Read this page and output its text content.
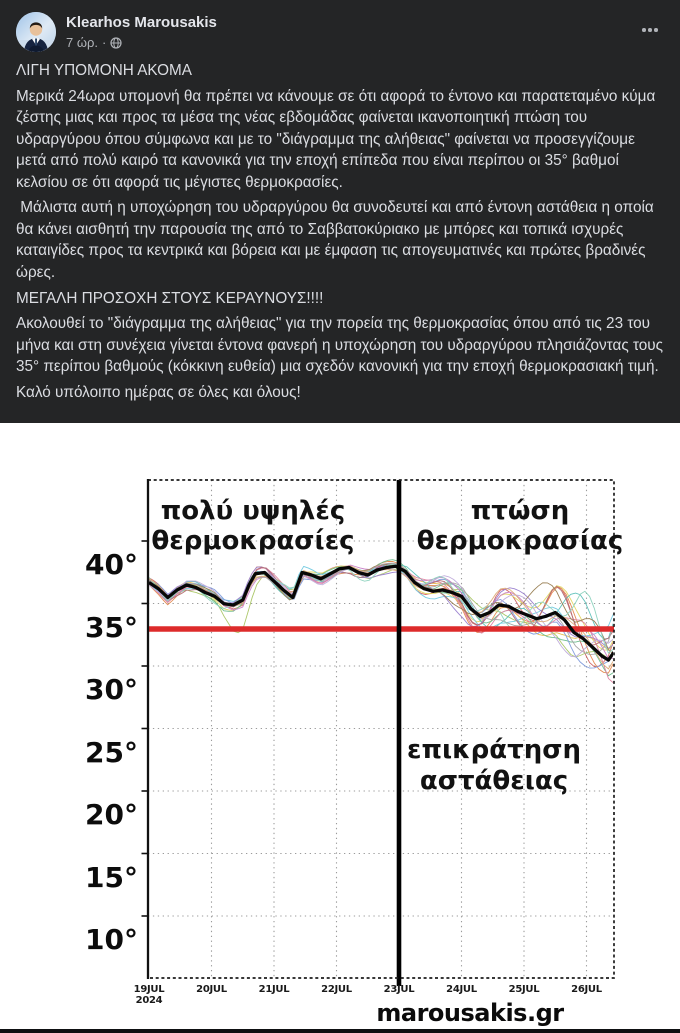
Klearhos Marousakis
7 ώρ. ·

ΛΙΓΗ ΥΠΟΜΟΝΗ ΑΚΟΜΑ

Μερικά 24ωρα υπομονή θα πρέπει να κάνουμε σε ότι αφορά το έντονο και παρατεταμένο κύμα ζέστης μιας και προς τα μέσα της νέας εβδομάδας φαίνεται ικανοποιητική πτώση του υδραργύρου όπου σύμφωνα και με το "διάγραμμα της αλήθειας" φαίνεται να προσεγγίζουμε μετά από πολύ καιρό τα κανονικά για την εποχή επίπεδα που είναι περίπου οι 35° βαθμοί κελσίου σε ότι αφορά τις μέγιστες θερμοκρασίες.

Μάλιστα αυτή η υποχώρηση του υδραργύρου θα συνοδευτεί και από έντονη αστάθεια η οποία θα κάνει αισθητή την παρουσία της από το Σαββατοκύριακο με μπόρες και τοπικά ισχυρές καταιγίδες προς τα κεντρικά και βόρεια και με έμφαση τις απογευματινές και πρώτες βραδινές ώρες.

ΜΕΓΑΛΗ ΠΡΟΣΟΧΗ ΣΤΟΥΣ ΚΕΡΑΥΝΟΥΣ!!!!

Ακολουθεί το "διάγραμμα της αλήθειας" για την πορεία της θερμοκρασίας όπου από τις 23 του μήνα και στη συνέχεια γίνεται έντονα φανερή η υποχώρηση του υδραργύρου πλησιάζοντας τους 35° περίπου βαθμούς (κόκκινη ευθεία) μια σχεδόν κανονική για την εποχή θερμοκρασιακή τιμή.

Καλό υπόλοιπο ημέρας σε όλες και όλους!

40°
35°
30°
25°
20°
15°
10°
19JUL
2024
20JUL	21JUL	22JUL	23JUL	24JUL	25JUL	26JUL
πολύ υψηλές
θερμοκρασίες
πτώση
θερμοκρασίας
επικράτηση
αστάθειας
marousakis.gr
